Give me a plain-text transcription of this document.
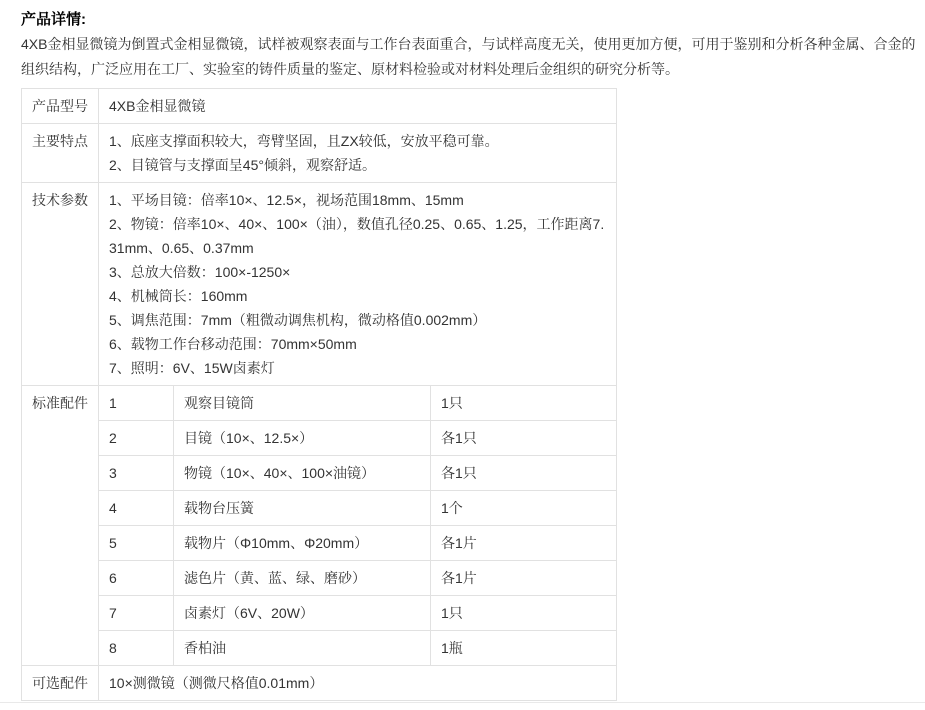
产品详情:

4XB金相显微镜为倒置式金相显微镜，试样被观察表面与工作台表面重合，与试样高度无关，使用更加方便，可用于鉴别和分析各种金属、合金的组织结构，广泛应用在工厂、实验室的铸件质量的鉴定、原材料检验或对材料处理后金组织的研究分析等。

产品型号	4XB金相显微镜		
主要特点	1、底座支撑面积较大，弯臂坚固，且ZX较低，安放平稳可靠。
2、目镜管与支撑面呈45°倾斜，观察舒适。		

技术参数	1、平场目镜：倍率10×、12.5×，视场范围18mm、15mm
2、物镜：倍率10×、40×、100×（油），数值孔径0.25、0.65、1.25，工作距离7.31mm、0.65、0.37mm
3、总放大倍数：100×-1250×
4、机械筒长：160mm
5、调焦范围：7mm（粗微动调焦机构，微动格值0.002mm）
6、载物工作台移动范围：70mm×50mm
7、照明：6V、15W卤素灯

标准配件	1	观察目镜筒	1只
	2	目镜（10×、12.5×）	各1只
	3	物镜（10×、40×、100×油镜）	各1只
	4	载物台压簧	1个
	5	载物片（Φ10mm、Φ20mm）	各1片
	6	滤色片（黄、蓝、绿、磨砂）	各1片
	7	卤素灯（6V、20W）	1只
	8	香柏油	1瓶
可选配件	10×测微镜（测微尺格值0.01mm）		
